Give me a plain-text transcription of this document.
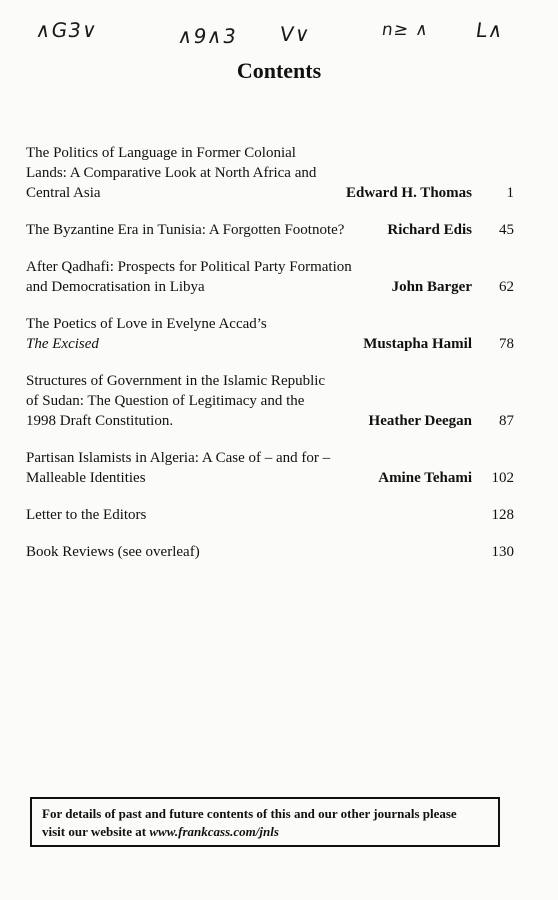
∧G3∨	∧9∧3 V∨	n≥ ∧ L∧
Contents
The Politics of Language in Former Colonial
Lands: A Comparative Look at North Africa and
Central Asia	Edward H. Thomas 1
The Byzantine Era in Tunisia: A Forgotten Footnote?	Richard Edis 45
After Qadhafi: Prospects for Political Party Formation
and Democratisation in Libya	John Barger 62
The Poetics of Love in Evelyne Accad’s
The Excised	Mustapha Hamil 78
Structures of Government in the Islamic Republic
of Sudan: The Question of Legitimacy and the
1998 Draft Constitution.	Heather Deegan 87
Partisan Islamists in Algeria: A Case of – and for –
Malleable Identities	Amine Tehami 102
Letter to the Editors	128
Book Reviews (see overleaf)	130
For details of past and future contents of this and our other journals please
visit our website at www.frankcass.com/jnls
